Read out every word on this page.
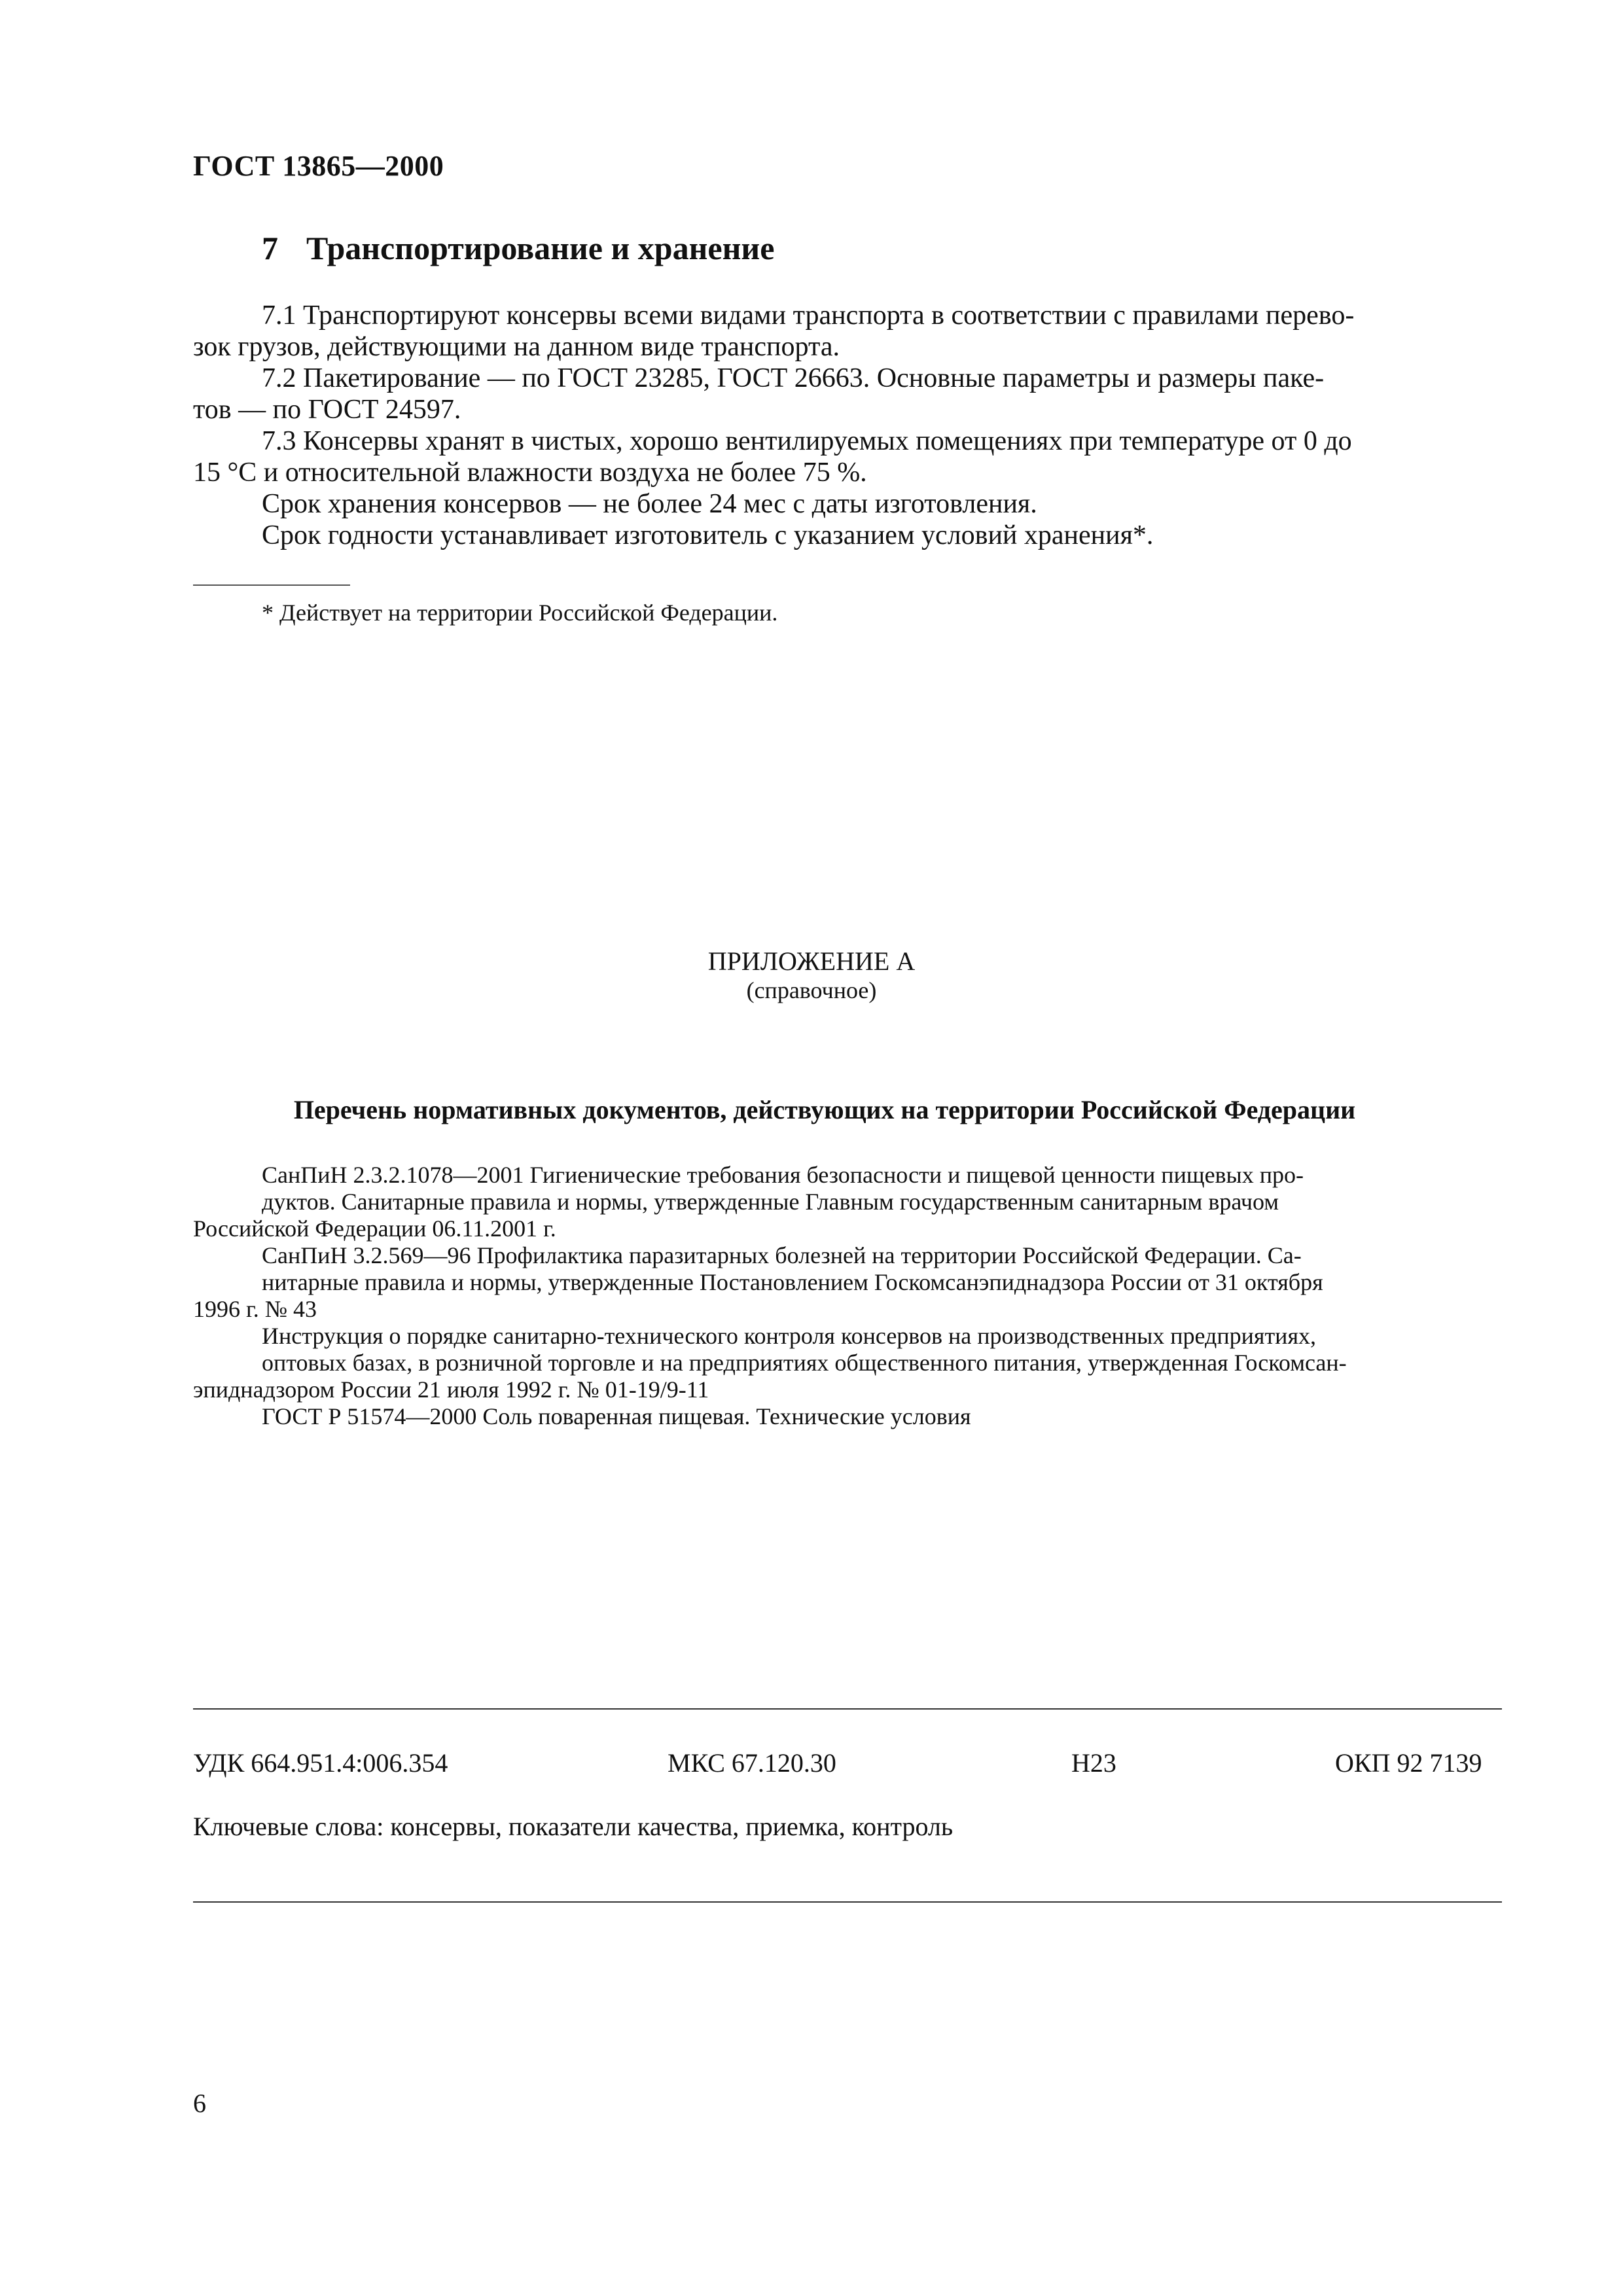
ГОСТ 13865—2000
7 Транспортирование и хранение

7.1 Транспортируют консервы всеми видами транспорта в соответствии с правилами перево-
зок грузов, действующими на данном виде транспорта.

7.2 Пакетирование — по ГОСТ 23285, ГОСТ 26663. Основные параметры и размеры паке-
тов — по ГОСТ 24597.

7.3 Консервы хранят в чистых, хорошо вентилируемых помещениях при температуре от 0 до
15 °С и относительной влажности воздуха не более 75 %.

Срок хранения консервов — не более 24 мес с даты изготовления.

Срок годности устанавливает изготовитель с указанием условий хранения*.

* Действует на территории Российской Федерации.
ПРИЛОЖЕНИЕ А
(справочное)
Перечень нормативных документов, действующих на территории Российской Федерации

СанПиН 2.3.2.1078—2001 Гигиенические требования безопасности и пищевой ценности пищевых про-
дуктов. Санитарные правила и нормы, утвержденные Главным государственным санитарным врачом
Российской Федерации 06.11.2001 г.

СанПиН 3.2.569—96 Профилактика паразитарных болезней на территории Российской Федерации. Са-
нитарные правила и нормы, утвержденные Постановлением Госкомсанэпиднадзора России от 31 октября
1996 г. № 43

Инструкция о порядке санитарно-технического контроля консервов на производственных предприятиях,
оптовых базах, в розничной торговле и на предприятиях общественного питания, утвержденная Госкомсан-
эпиднадзором России 21 июля 1992 г. № 01-19/9-11

ГОСТ Р 51574—2000 Соль поваренная пищевая. Технические условия

УДК 664.951.4:006.354	МКС 67.120.30	Н23	ОКП 92 7139
Ключевые слова: консервы, показатели качества, приемка, контроль
6
